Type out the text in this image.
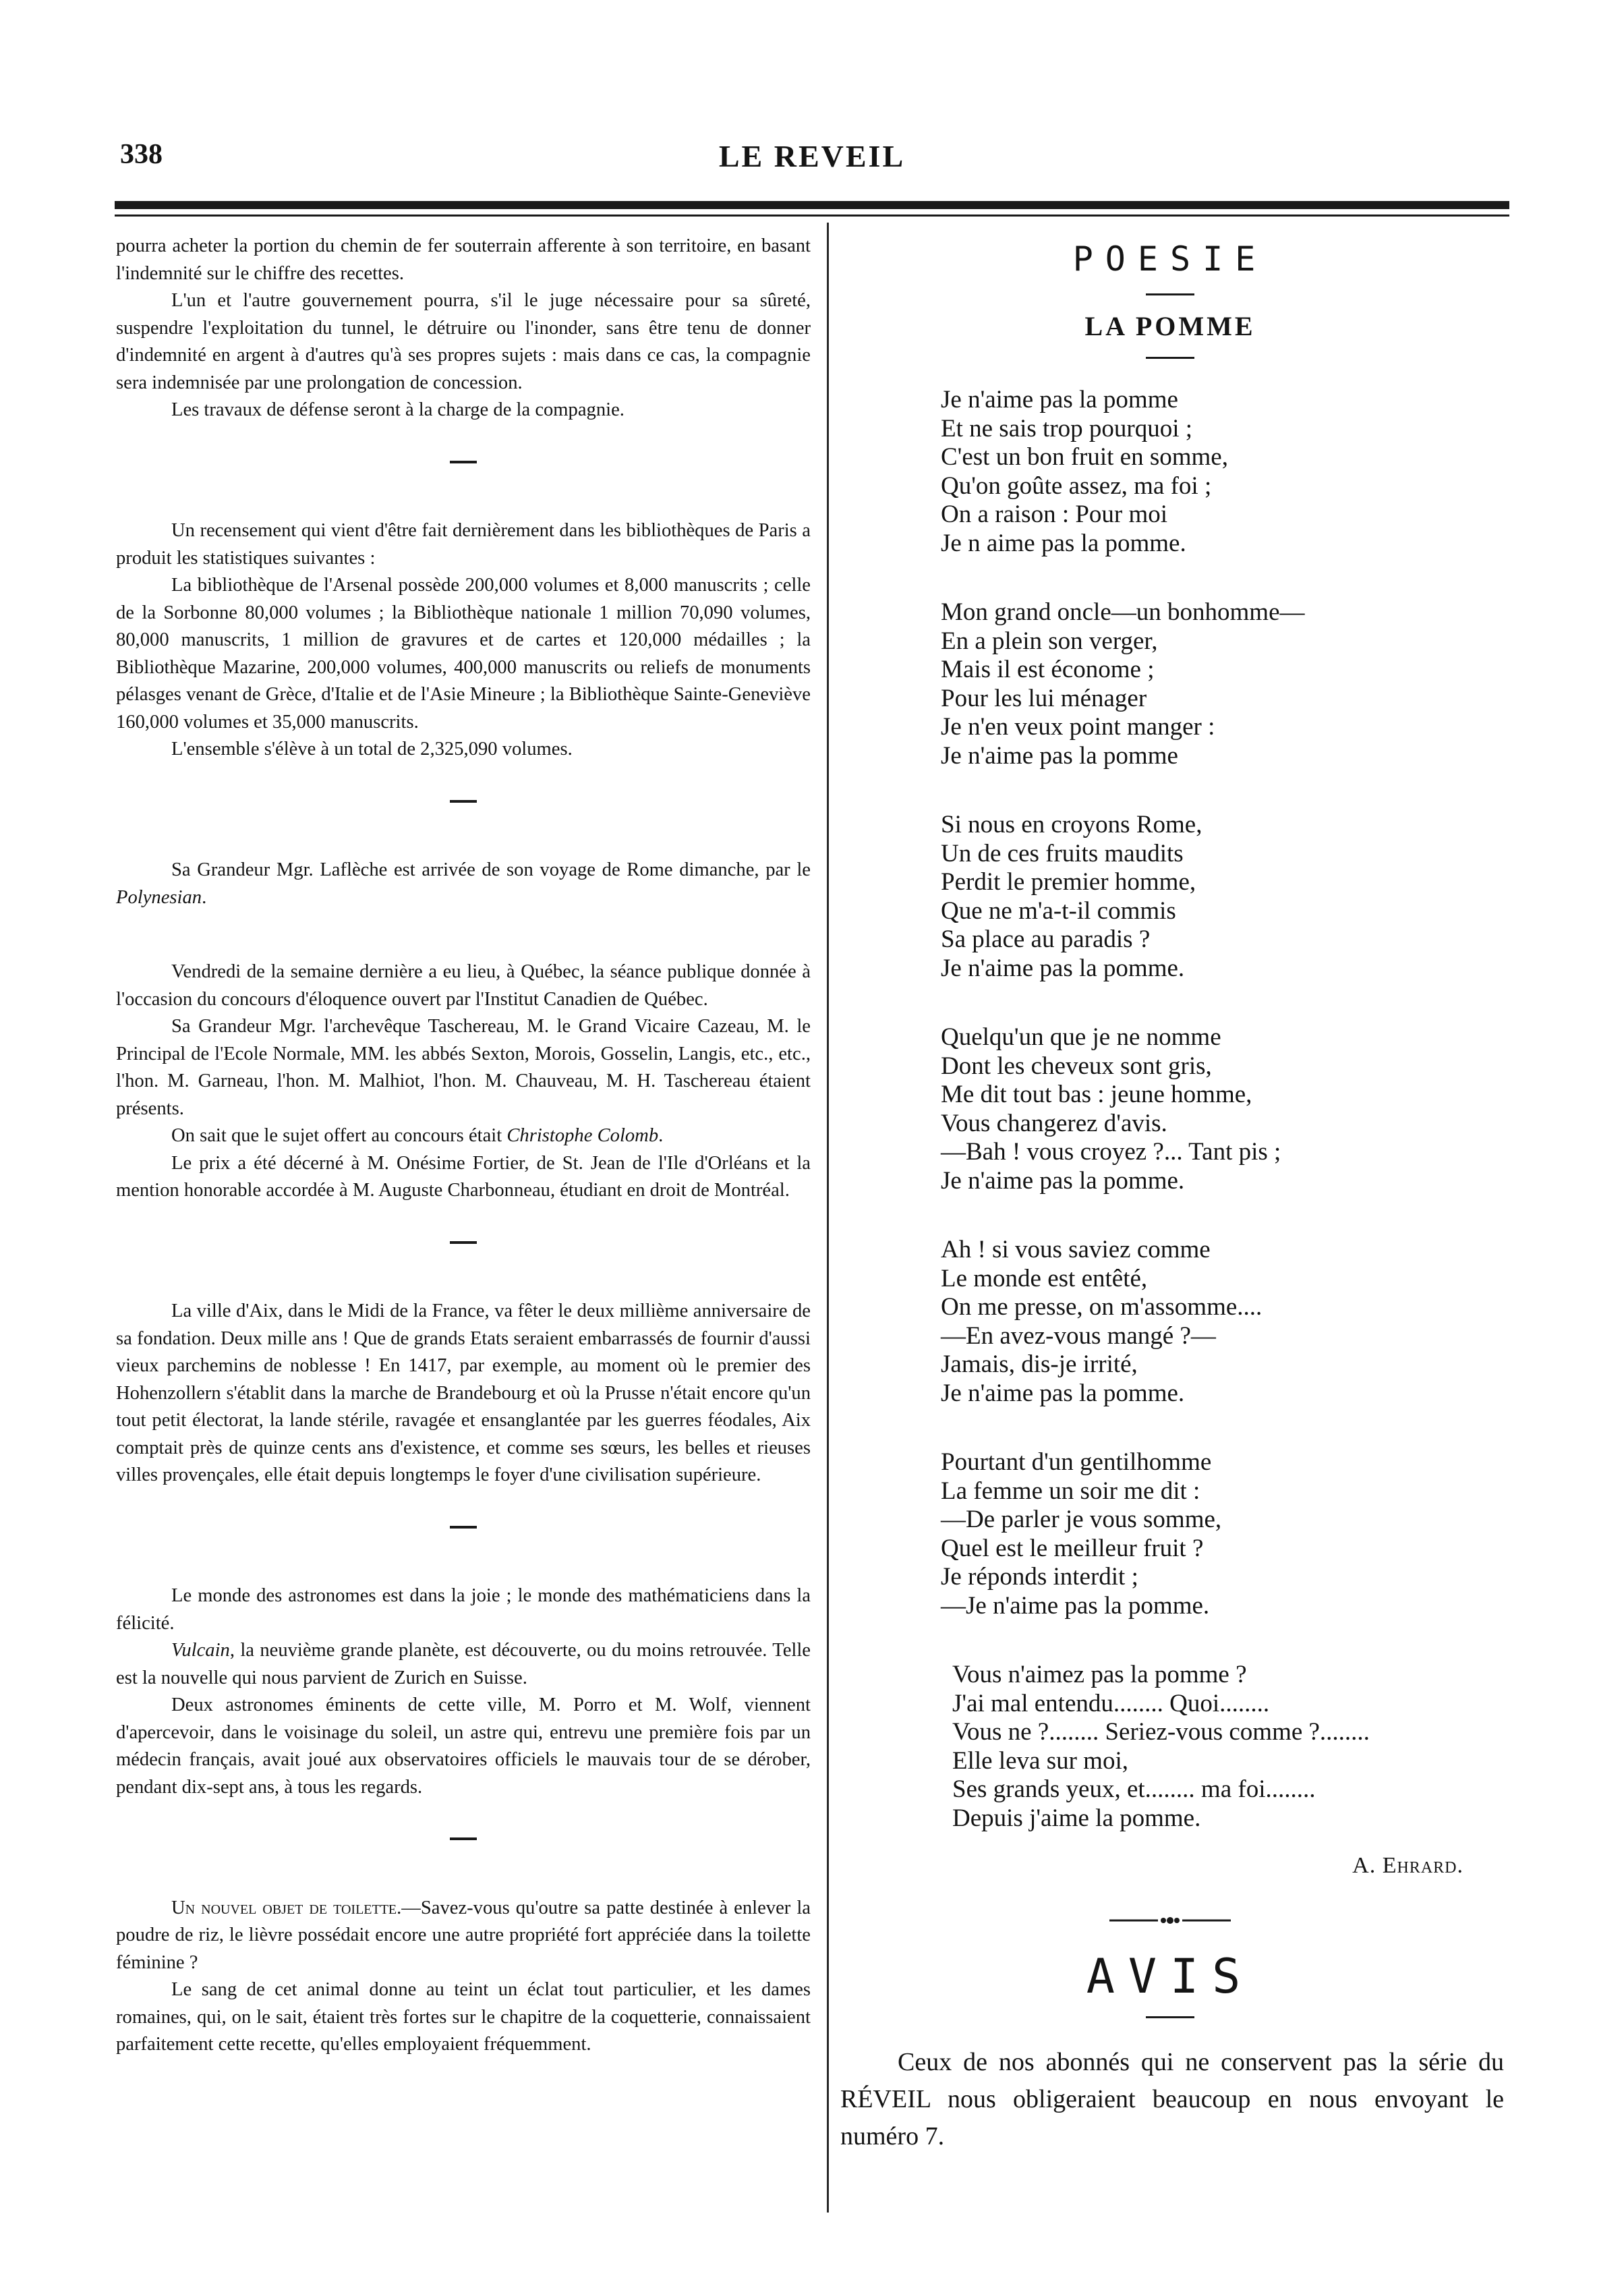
338	LE REVEIL

pourra acheter la portion du chemin de fer souterrain afferente à son territoire, en basant l'indemnité sur le chiffre des recettes.

L'un et l'autre gouvernement pourra, s'il le juge nécessaire pour sa sûreté, suspendre l'exploitation du tunnel, le détruire ou l'inonder, sans être tenu de donner d'indemnité en argent à d'autres qu'à ses propres sujets : mais dans ce cas, la compagnie sera indemnisée par une prolongation de concession.

Les travaux de défense seront à la charge de la compagnie.

Un recensement qui vient d'être fait dernièrement dans les bibliothèques de Paris a produit les statistiques suivantes :

La bibliothèque de l'Arsenal possède 200,000 volumes et 8,000 manuscrits ; celle de la Sorbonne 80,000 volumes ; la Bibliothèque nationale 1 million 70,090 volumes, 80,000 manuscrits, 1 million de gravures et de cartes et 120,000 médailles ; la Bibliothèque Mazarine, 200,000 volumes, 400,000 manuscrits ou reliefs de monuments pélasges venant de Grèce, d'Italie et de l'Asie Mineure ; la Bibliothèque Sainte-Geneviève 160,000 volumes et 35,000 manuscrits.

L'ensemble s'élève à un total de 2,325,090 volumes.

Sa Grandeur Mgr. Laflèche est arrivée de son voyage de Rome dimanche, par le Polynesian.

Vendredi de la semaine dernière a eu lieu, à Québec, la séance publique donnée à l'occasion du concours d'éloquence ouvert par l'Institut Canadien de Québec.

Sa Grandeur Mgr. l'archevêque Taschereau, M. le Grand Vicaire Cazeau, M. le Principal de l'Ecole Normale, MM. les abbés Sexton, Morois, Gosselin, Langis, etc., etc., l'hon. M. Garneau, l'hon. M. Malhiot, l'hon. M. Chauveau, M. H. Taschereau étaient présents.

On sait que le sujet offert au concours était Christophe Colomb.

Le prix a été décerné à M. Onésime Fortier, de St. Jean de l'Ile d'Orléans et la mention honorable accordée à M. Auguste Charbonneau, étudiant en droit de Montréal.

La ville d'Aix, dans le Midi de la France, va fêter le deux millième anniversaire de sa fondation. Deux mille ans ! Que de grands Etats seraient embarrassés de fournir d'aussi vieux parchemins de noblesse ! En 1417, par exemple, au moment où le premier des Hohenzollern s'établit dans la marche de Brandebourg et où la Prusse n'était encore qu'un tout petit électorat, la lande stérile, ravagée et ensanglantée par les guerres féodales, Aix comptait près de quinze cents ans d'existence, et comme ses sœurs, les belles et rieuses villes provençales, elle était depuis longtemps le foyer d'une civilisation supérieure.

Le monde des astronomes est dans la joie ; le monde des mathématiciens dans la félicité.

Vulcain, la neuvième grande planète, est découverte, ou du moins retrouvée. Telle est la nouvelle qui nous parvient de Zurich en Suisse.

Deux astronomes éminents de cette ville, M. Porro et M. Wolf, viennent d'apercevoir, dans le voisinage du soleil, un astre qui, entrevu une première fois par un médecin français, avait joué aux observatoires officiels le mauvais tour de se dérober, pendant dix-sept ans, à tous les regards.

Un nouvel objet de toilette.—Savez-vous qu'outre sa patte destinée à enlever la poudre de riz, le lièvre possédait encore une autre propriété fort appréciée dans la toilette féminine ?

Le sang de cet animal donne au teint un éclat tout particulier, et les dames romaines, qui, on le sait, étaient très fortes sur le chapitre de la coquetterie, connaissaient parfaitement cette recette, qu'elles employaient fréquemment.

POESIE
LA POMME
Je n'aime pas la pomme
Et ne sais trop pourquoi ;
C'est un bon fruit en somme,
Qu'on goûte assez, ma foi ;
On a raison : Pour moi
Je n aime pas la pomme.
Mon grand oncle—un bonhomme—
En a plein son verger,
Mais il est économe ;
Pour les lui ménager
Je n'en veux point manger :
Je n'aime pas la pomme
Si nous en croyons Rome,
Un de ces fruits maudits
Perdit le premier homme,
Que ne m'a-t-il commis
Sa place au paradis ?
Je n'aime pas la pomme.
Quelqu'un que je ne nomme
Dont les cheveux sont gris,
Me dit tout bas : jeune homme,
Vous changerez d'avis.
—Bah ! vous croyez ?... Tant pis ;
Je n'aime pas la pomme.
Ah ! si vous saviez comme
Le monde est entêté,
On me presse, on m'assomme....
—En avez-vous mangé ?—
Jamais, dis-je irrité,
Je n'aime pas la pomme.
Pourtant d'un gentilhomme
La femme un soir me dit :
—De parler je vous somme,
Quel est le meilleur fruit ?
Je réponds interdit ;
—Je n'aime pas la pomme.
Vous n'aimez pas la pomme ?
J'ai mal entendu........ Quoi........
Vous ne ?........ Seriez-vous comme ?........
Elle leva sur moi,
Ses grands yeux, et........ ma foi........
Depuis j'aime la pomme.
A. Ehrard.
AVIS

Ceux de nos abonnés qui ne conservent pas la série du RÉVEIL nous obligeraient beaucoup en nous envoyant le numéro 7.
